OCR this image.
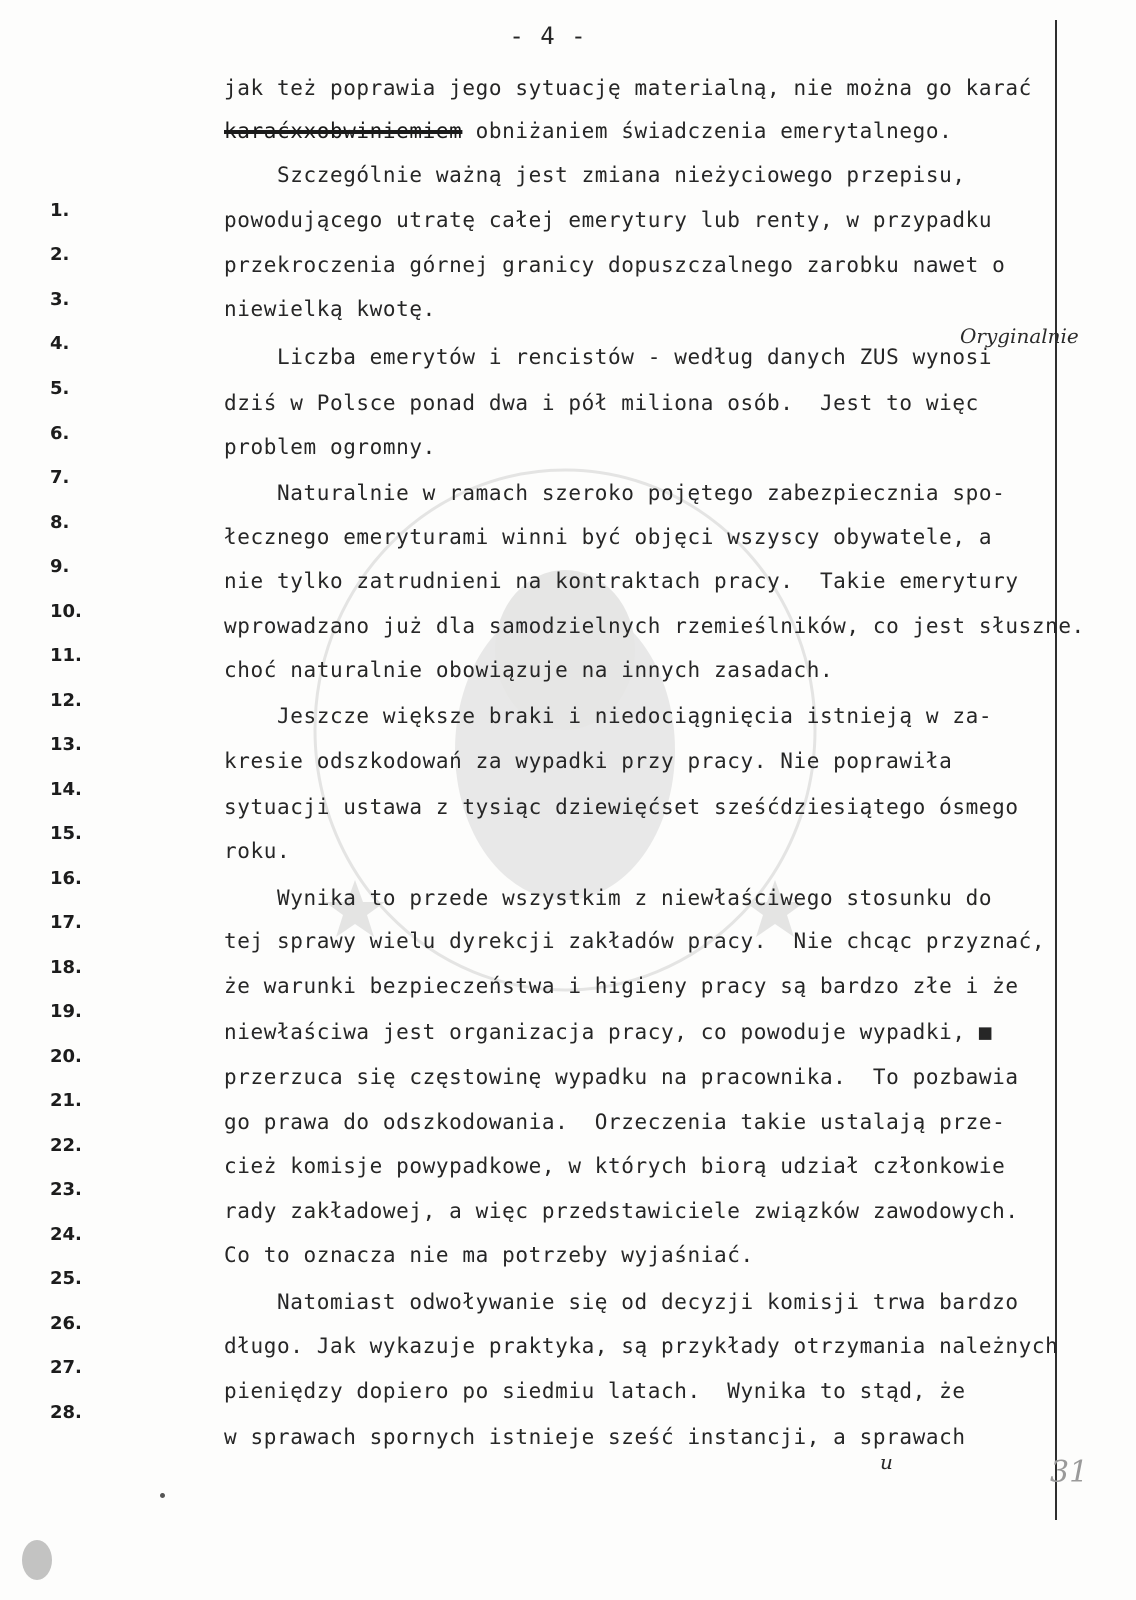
- 4 -
1.
2.
3.
4.
5.
6.
7.
8.
9.
10.
11.
12.
13.
14.
15.
16.
17.
18.
19.
20.
21.
22.
23.
24.
25.
26.
27.
28.
jak też poprawia jego sytuację materialną, nie można go karać
karaćxxobwiniemiem obniżaniem świadczenia emerytalnego.
Szczególnie ważną jest zmiana nieżyciowego przepisu,
powodującego utratę całej emerytury lub renty, w przypadku
przekroczenia górnej granicy dopuszczalnego zarobku nawet o
niewielką kwotę.
Liczba emerytów i rencistów - według danych ZUS wynosi
dziś w Polsce ponad dwa i pół miliona osób.  Jest to więc
problem ogromny.
Naturalnie w ramach szeroko pojętego zabezpiecznia spo-
łecznego emeryturami winni być objęci wszyscy obywatele, a
nie tylko zatrudnieni na kontraktach pracy.  Takie emerytury
wprowadzano już dla samodzielnych rzemieślników, co jest słuszne.
choć naturalnie obowiązuje na innych zasadach.
Jeszcze większe braki i niedociągnięcia istnieją w za-
kresie odszkodowań za wypadki przy pracy. Nie poprawiła
sytuacji ustawa z tysiąc dziewięćset sześćdziesiątego ósmego
roku.
Wynika to przede wszystkim z niewłaściwego stosunku do
tej sprawy wielu dyrekcji zakładów pracy.  Nie chcąc przyznać,
że warunki bezpieczeństwa i higieny pracy są bardzo złe i że
niewłaściwa jest organizacja pracy, co powoduje wypadki, ■
przerzuca się częstowinę wypadku na pracownika.  To pozbawia
go prawa do odszkodowania.  Orzeczenia takie ustalają prze-
cież komisje powypadkowe, w których biorą udział członkowie
rady zakładowej, a więc przedstawiciele związków zawodowych.
Co to oznacza nie ma potrzeby wyjaśniać.
Natomiast odwoływanie się od decyzji komisji trwa bardzo
długo. Jak wykazuje praktyka, są przykłady otrzymania należnych
pieniędzy dopiero po siedmiu latach.  Wynika to stąd, że
w sprawach spornych istnieje sześć instancji, a sprawach
Oryginalnie
u	31
